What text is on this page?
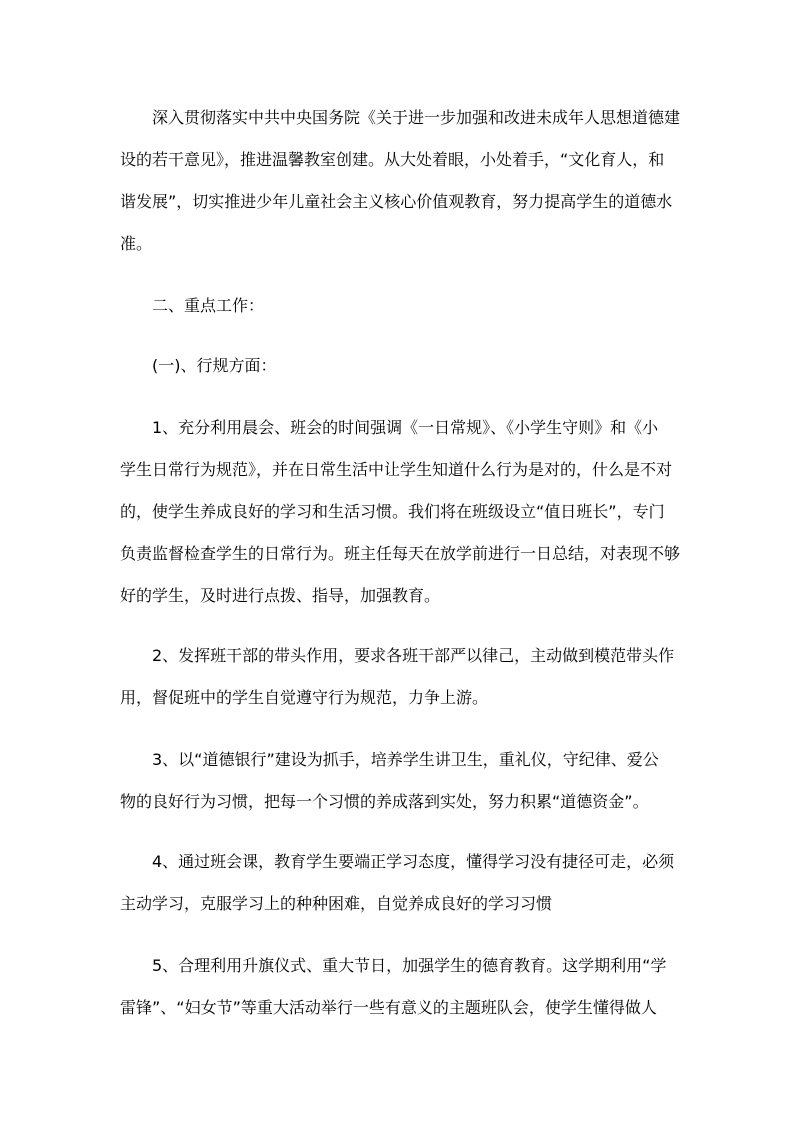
深入贯彻落实中共中央国务院《关于进一步加强和改进未成年人思想道德建

设的若干意见》，推进温馨教室创建。从大处着眼，小处着手，“文化育人，和

谐发展”，切实推进少年儿童社会主义核心价值观教育，努力提高学生的道德水

准。

二、重点工作：

(一)、行规方面：

1、充分利用晨会、班会的时间强调《一日常规》、《小学生守则》和《小

学生日常行为规范》，并在日常生活中让学生知道什么行为是对的，什么是不对

的，使学生养成良好的学习和生活习惯。我们将在班级设立“值日班长”，专门

负责监督检查学生的日常行为。班主任每天在放学前进行一日总结，对表现不够

好的学生，及时进行点拨、指导，加强教育。

2、发挥班干部的带头作用，要求各班干部严以律己，主动做到模范带头作

用，督促班中的学生自觉遵守行为规范，力争上游。

3、以“道德银行”建设为抓手，培养学生讲卫生，重礼仪，守纪律、爱公

物的良好行为习惯，把每一个习惯的养成落到实处，努力积累“道德资金”。

4、通过班会课，教育学生要端正学习态度，懂得学习没有捷径可走，必须

主动学习，克服学习上的种种困难，自觉养成良好的学习习惯

5、合理利用升旗仪式、重大节日，加强学生的德育教育。这学期利用“学

雷锋”、“妇女节”等重大活动举行一些有意义的主题班队会，使学生懂得做人
